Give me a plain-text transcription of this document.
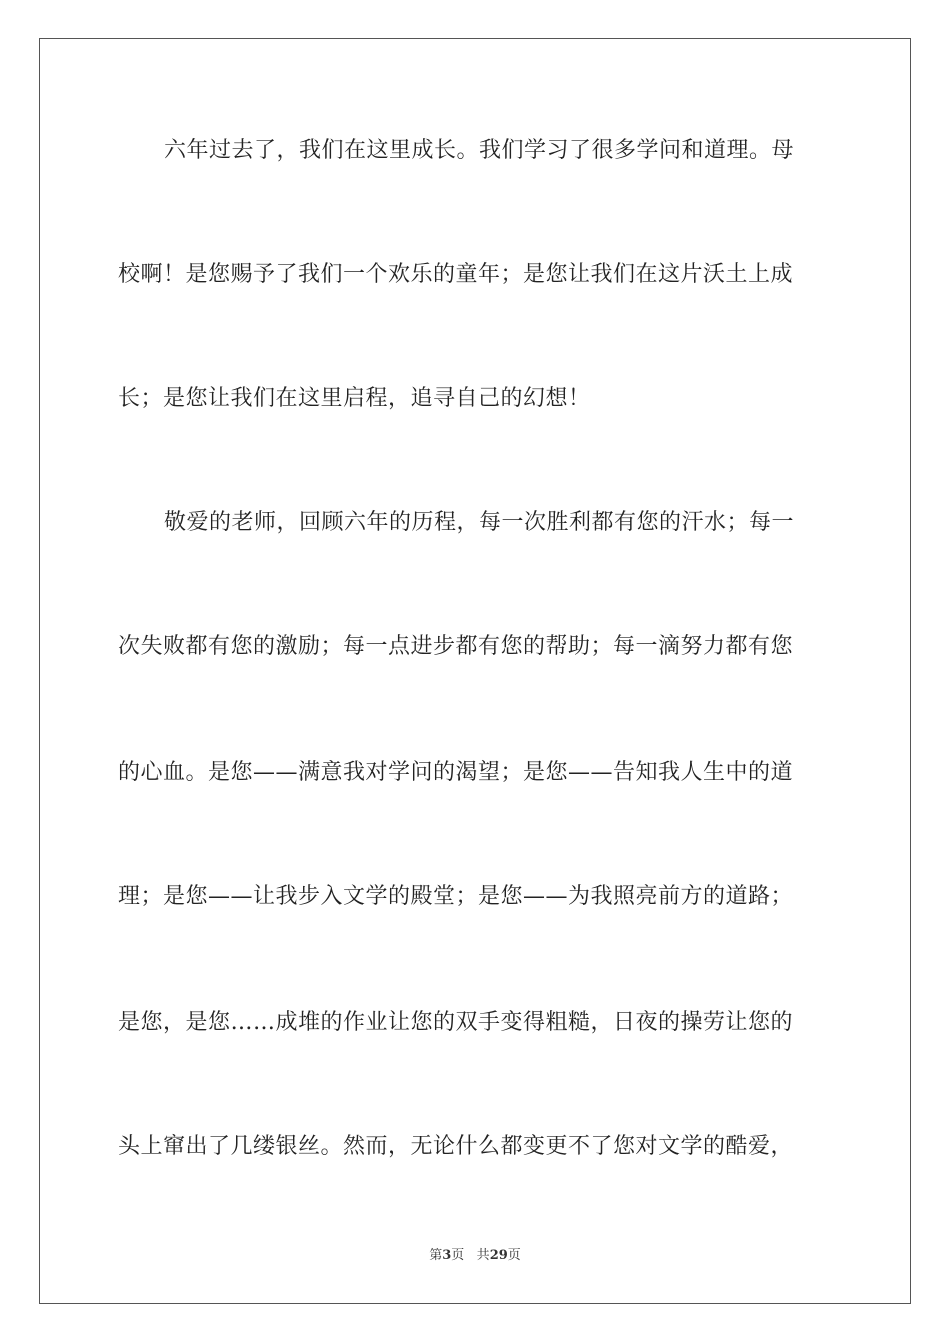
六年过去了，我们在这里成长。我们学习了很多学问和道理。母
校啊！是您赐予了我们一个欢乐的童年；是您让我们在这片沃土上成
长；是您让我们在这里启程，追寻自己的幻想！
敬爱的老师，回顾六年的历程，每一次胜利都有您的汗水；每一
次失败都有您的激励；每一点进步都有您的帮助；每一滴努力都有您
的心血。是您——满意我对学问的渴望；是您——告知我人生中的道
理；是您——让我步入文学的殿堂；是您——为我照亮前方的道路；
是您，是您……成堆的作业让您的双手变得粗糙，日夜的操劳让您的
头上窜出了几缕银丝。然而，无论什么都变更不了您对文学的酷爱，
第3页 共29页
